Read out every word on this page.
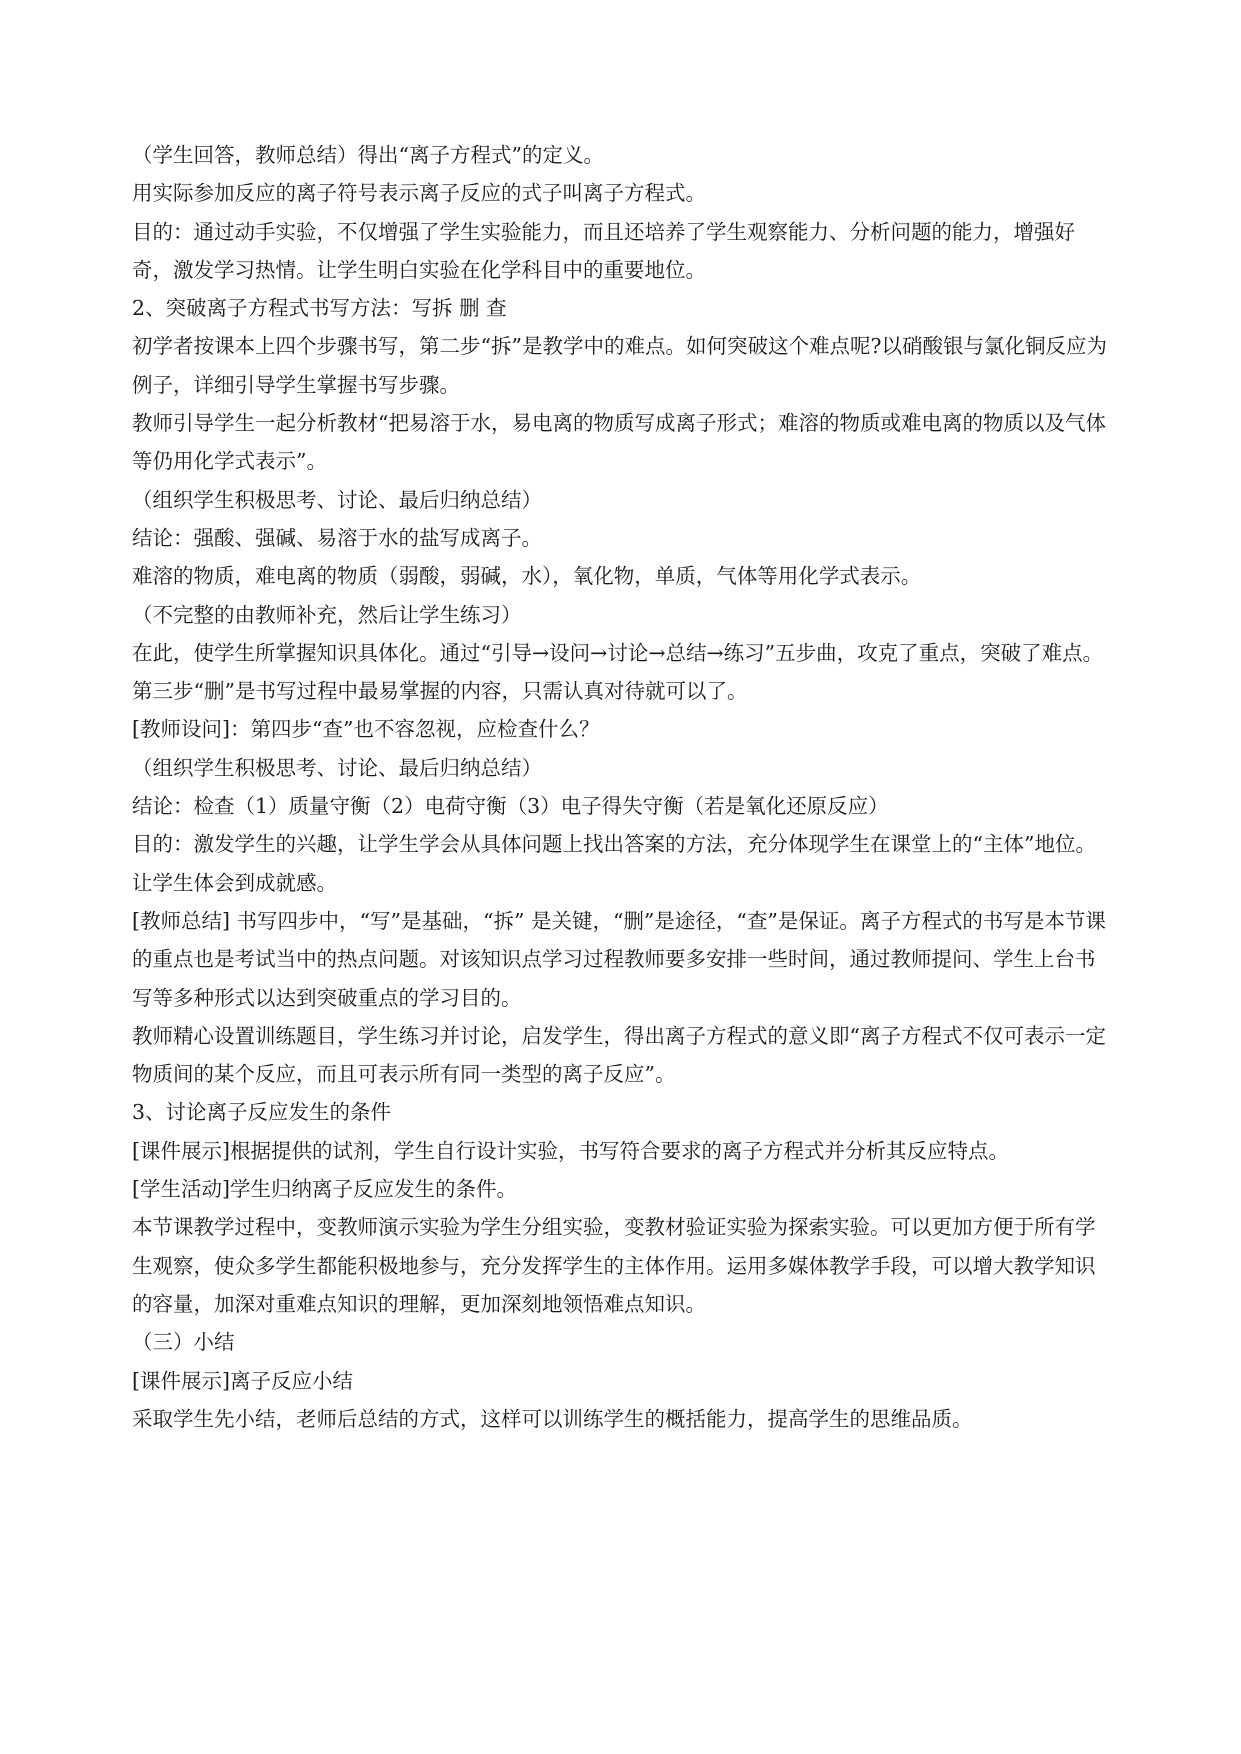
（学生回答，教师总结）得出“离子方程式”的定义。

用实际参加反应的离子符号表示离子反应的式子叫离子方程式。

目的：通过动手实验，不仅增强了学生实验能力，而且还培养了学生观察能力、分析问题的能力，增强好奇，激发学习热情。让学生明白实验在化学科目中的重要地位。

2、突破离子方程式书写方法：写拆 删 查

初学者按课本上四个步骤书写，第二步“拆”是教学中的难点。如何突破这个难点呢?以硝酸银与氯化铜反应为例子，详细引导学生掌握书写步骤。

教师引导学生一起分析教材“把易溶于水，易电离的物质写成离子形式；难溶的物质或难电离的物质以及气体等仍用化学式表示”。

（组织学生积极思考、讨论、最后归纳总结）

结论：强酸、强碱、易溶于水的盐写成离子。

难溶的物质，难电离的物质（弱酸，弱碱，水），氧化物，单质，气体等用化学式表示。

（不完整的由教师补充，然后让学生练习）

在此，使学生所掌握知识具体化。通过“引导→设问→讨论→总结→练习”五步曲，攻克了重点，突破了难点。

第三步“删”是书写过程中最易掌握的内容，只需认真对待就可以了。

[教师设问]：第四步“查”也不容忽视，应检查什么？

（组织学生积极思考、讨论、最后归纳总结）

结论：检查（1）质量守衡（2）电荷守衡（3）电子得失守衡（若是氧化还原反应）

目的：激发学生的兴趣，让学生学会从具体问题上找出答案的方法，充分体现学生在课堂上的“主体”地位。让学生体会到成就感。

[教师总结] 书写四步中，“写”是基础，“拆” 是关键，“删”是途径，“查”是保证。离子方程式的书写是本节课的重点也是考试当中的热点问题。对该知识点学习过程教师要多安排一些时间，通过教师提问、学生上台书写等多种形式以达到突破重点的学习目的。

教师精心设置训练题目，学生练习并讨论，启发学生，得出离子方程式的意义即“离子方程式不仅可表示一定物质间的某个反应，而且可表示所有同一类型的离子反应”。

3、讨论离子反应发生的条件

[课件展示]根据提供的试剂，学生自行设计实验，书写符合要求的离子方程式并分析其反应特点。

[学生活动]学生归纳离子反应发生的条件。

本节课教学过程中，变教师演示实验为学生分组实验，变教材验证实验为探索实验。可以更加方便于所有学生观察，使众多学生都能积极地参与，充分发挥学生的主体作用。运用多媒体教学手段，可以增大教学知识的容量，加深对重难点知识的理解，更加深刻地领悟难点知识。

（三）小结

[课件展示]离子反应小结

采取学生先小结，老师后总结的方式，这样可以训练学生的概括能力，提高学生的思维品质。
